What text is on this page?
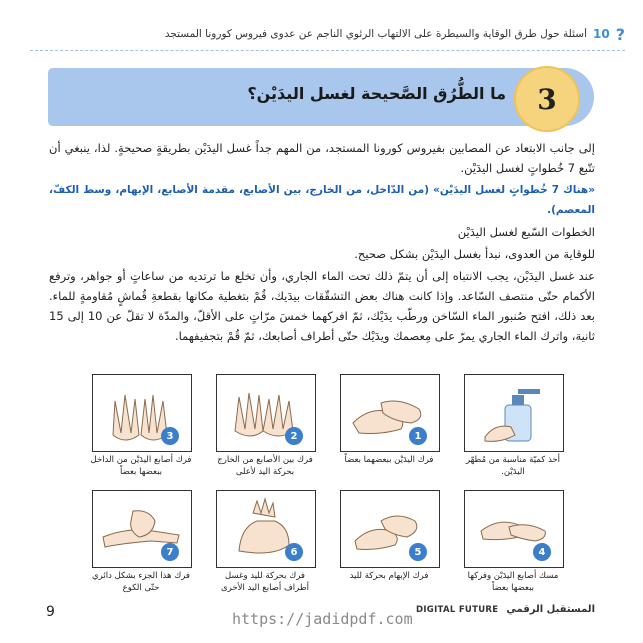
?
10
أسئلة حول طرق الوقاية والسيطرة على الالتهاب الرئوي الناجم عن عدوى فيروس كورونا المستجد
3
ما الطُّرُق الصَّحيحة لغسل اليدَيْن؟

إلى جانب الابتعاد عن المصابين بفيروس كورونا المستجد، من المهم جداً غسل اليدَيْن بطريقةٍ صحيحةٍ. لذا، ينبغي أن تتّبع 7 خُطواتٍ لغسل اليدَيْن.

«هناك 7 خُطواتٍ لغسل اليدَيْن» (من الدّاخل، من الخارج، بين الأصابع، مقدمة الأصابع، الإبهام، وسط الكفّ، المعصم).

الخطوات السّبع لغسل اليدَيْن

للوقاية من العدوى، نبدأ بغسل اليدَيْن بشكل صحيح.

عند غسل اليدَيْن، يجب الانتباه إلى أن يتمّ ذلك تحت الماء الجاري، وأن تخلع ما ترتديه من ساعاتٍ أو جواهر، وترفع الأكمام حتّى منتصف السّاعد. وإذا كانت هناك بعض التشقّقات بيدَيك، قُمْ بتغطية مكانها بقطعةِ قُماشٍ مُقاومةٍ للماء. بعد ذلك، افتح صُنبور الماء السّاخن ورطّب يدَيْك، ثمّ افركهما خمسَ مرّاتٍ على الأقلّ، والمدّة لا تقلّ عن 10 إلى 15 ثانية، واترك الماء الجاري يمرّ على مِعصمك ويدَيْك حتّى أطراف أصابعك، ثمّ قُمْ بتجفيفهما.

أخذ كميّة مناسبة من مُطهّر اليدَيْن.
1
فرك اليدَيْن ببعضهما بعضاً
2
فرك بين الأصابع من الخارج بحركة اليد لأعلى
3
فرك أصابع اليدَيْن من الداخل ببعضها بعضاً
4
مسك أصابع اليدَيْن وفركها ببعضها بعضاً
5
فرك الإبهام بحركة لليد
6
فرك بحركة لليد وغسل أطراف أصابع اليد الأخرى
7
فرك هذا الجزء بشكل دائري حتّى الكوع
9	https://jadidpdf.com
DIGITAL FUTURE المستقبل الرقمي
